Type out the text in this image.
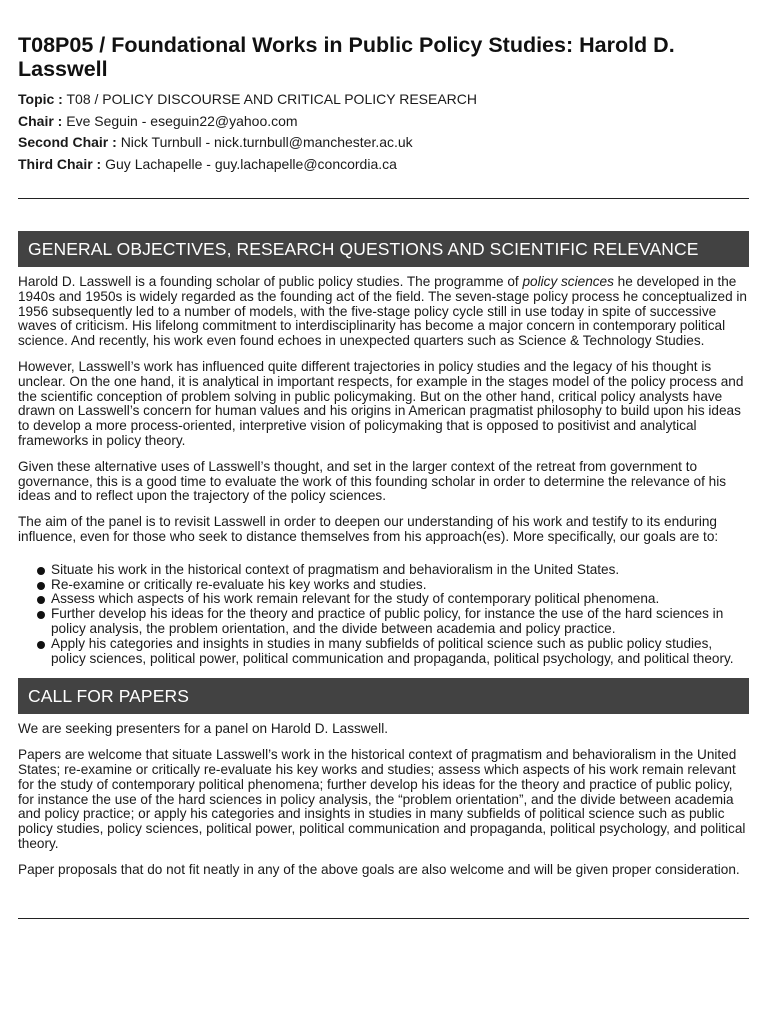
T08P05 / Foundational Works in Public Policy Studies: Harold D. Lasswell
Topic : T08 / POLICY DISCOURSE AND CRITICAL POLICY RESEARCH
Chair : Eve Seguin - eseguin22@yahoo.com
Second Chair : Nick Turnbull - nick.turnbull@manchester.ac.uk
Third Chair : Guy Lachapelle - guy.lachapelle@concordia.ca
GENERAL OBJECTIVES, RESEARCH QUESTIONS AND SCIENTIFIC RELEVANCE

Harold D. Lasswell is a founding scholar of public policy studies. The programme of policy sciences he developed in the 1940s and 1950s is widely regarded as the founding act of the field. The seven-stage policy process he conceptualized in 1956 subsequently led to a number of models, with the five-stage policy cycle still in use today in spite of successive waves of criticism. His lifelong commitment to interdisciplinarity has become a major concern in contemporary political science. And recently, his work even found echoes in unexpected quarters such as Science & Technology Studies.

However, Lasswell’s work has influenced quite different trajectories in policy studies and the legacy of his thought is unclear. On the one hand, it is analytical in important respects, for example in the stages model of the policy process and the scientific conception of problem solving in public policymaking. But on the other hand, critical policy analysts have drawn on Lasswell’s concern for human values and his origins in American pragmatist philosophy to build upon his ideas to develop a more process-oriented, interpretive vision of policymaking that is opposed to positivist and analytical frameworks in policy theory.

Given these alternative uses of Lasswell’s thought, and set in the larger context of the retreat from government to governance, this is a good time to evaluate the work of this founding scholar in order to determine the relevance of his ideas and to reflect upon the trajectory of the policy sciences.

The aim of the panel is to revisit Lasswell in order to deepen our understanding of his work and testify to its enduring influence, even for those who seek to distance themselves from his approach(es). More specifically, our goals are to:

Situate his work in the historical context of pragmatism and behavioralism in the United States.
Re-examine or critically re-evaluate his key works and studies.
Assess which aspects of his work remain relevant for the study of contemporary political phenomena.
Further develop his ideas for the theory and practice of public policy, for instance the use of the hard sciences in policy analysis, the problem orientation, and the divide between academia and policy practice.
Apply his categories and insights in studies in many subfields of political science such as public policy studies, policy sciences, political power, political communication and propaganda, political psychology, and political theory.
CALL FOR PAPERS

We are seeking presenters for a panel on Harold D. Lasswell.

Papers are welcome that situate Lasswell’s work in the historical context of pragmatism and behavioralism in the United States; re-examine or critically re-evaluate his key works and studies; assess which aspects of his work remain relevant for the study of contemporary political phenomena; further develop his ideas for the theory and practice of public policy, for instance the use of the hard sciences in policy analysis, the “problem orientation”, and the divide between academia and policy practice; or apply his categories and insights in studies in many subfields of political science such as public policy studies, policy sciences, political power, political communication and propaganda, political psychology, and political theory.

Paper proposals that do not fit neatly in any of the above goals are also welcome and will be given proper consideration.
